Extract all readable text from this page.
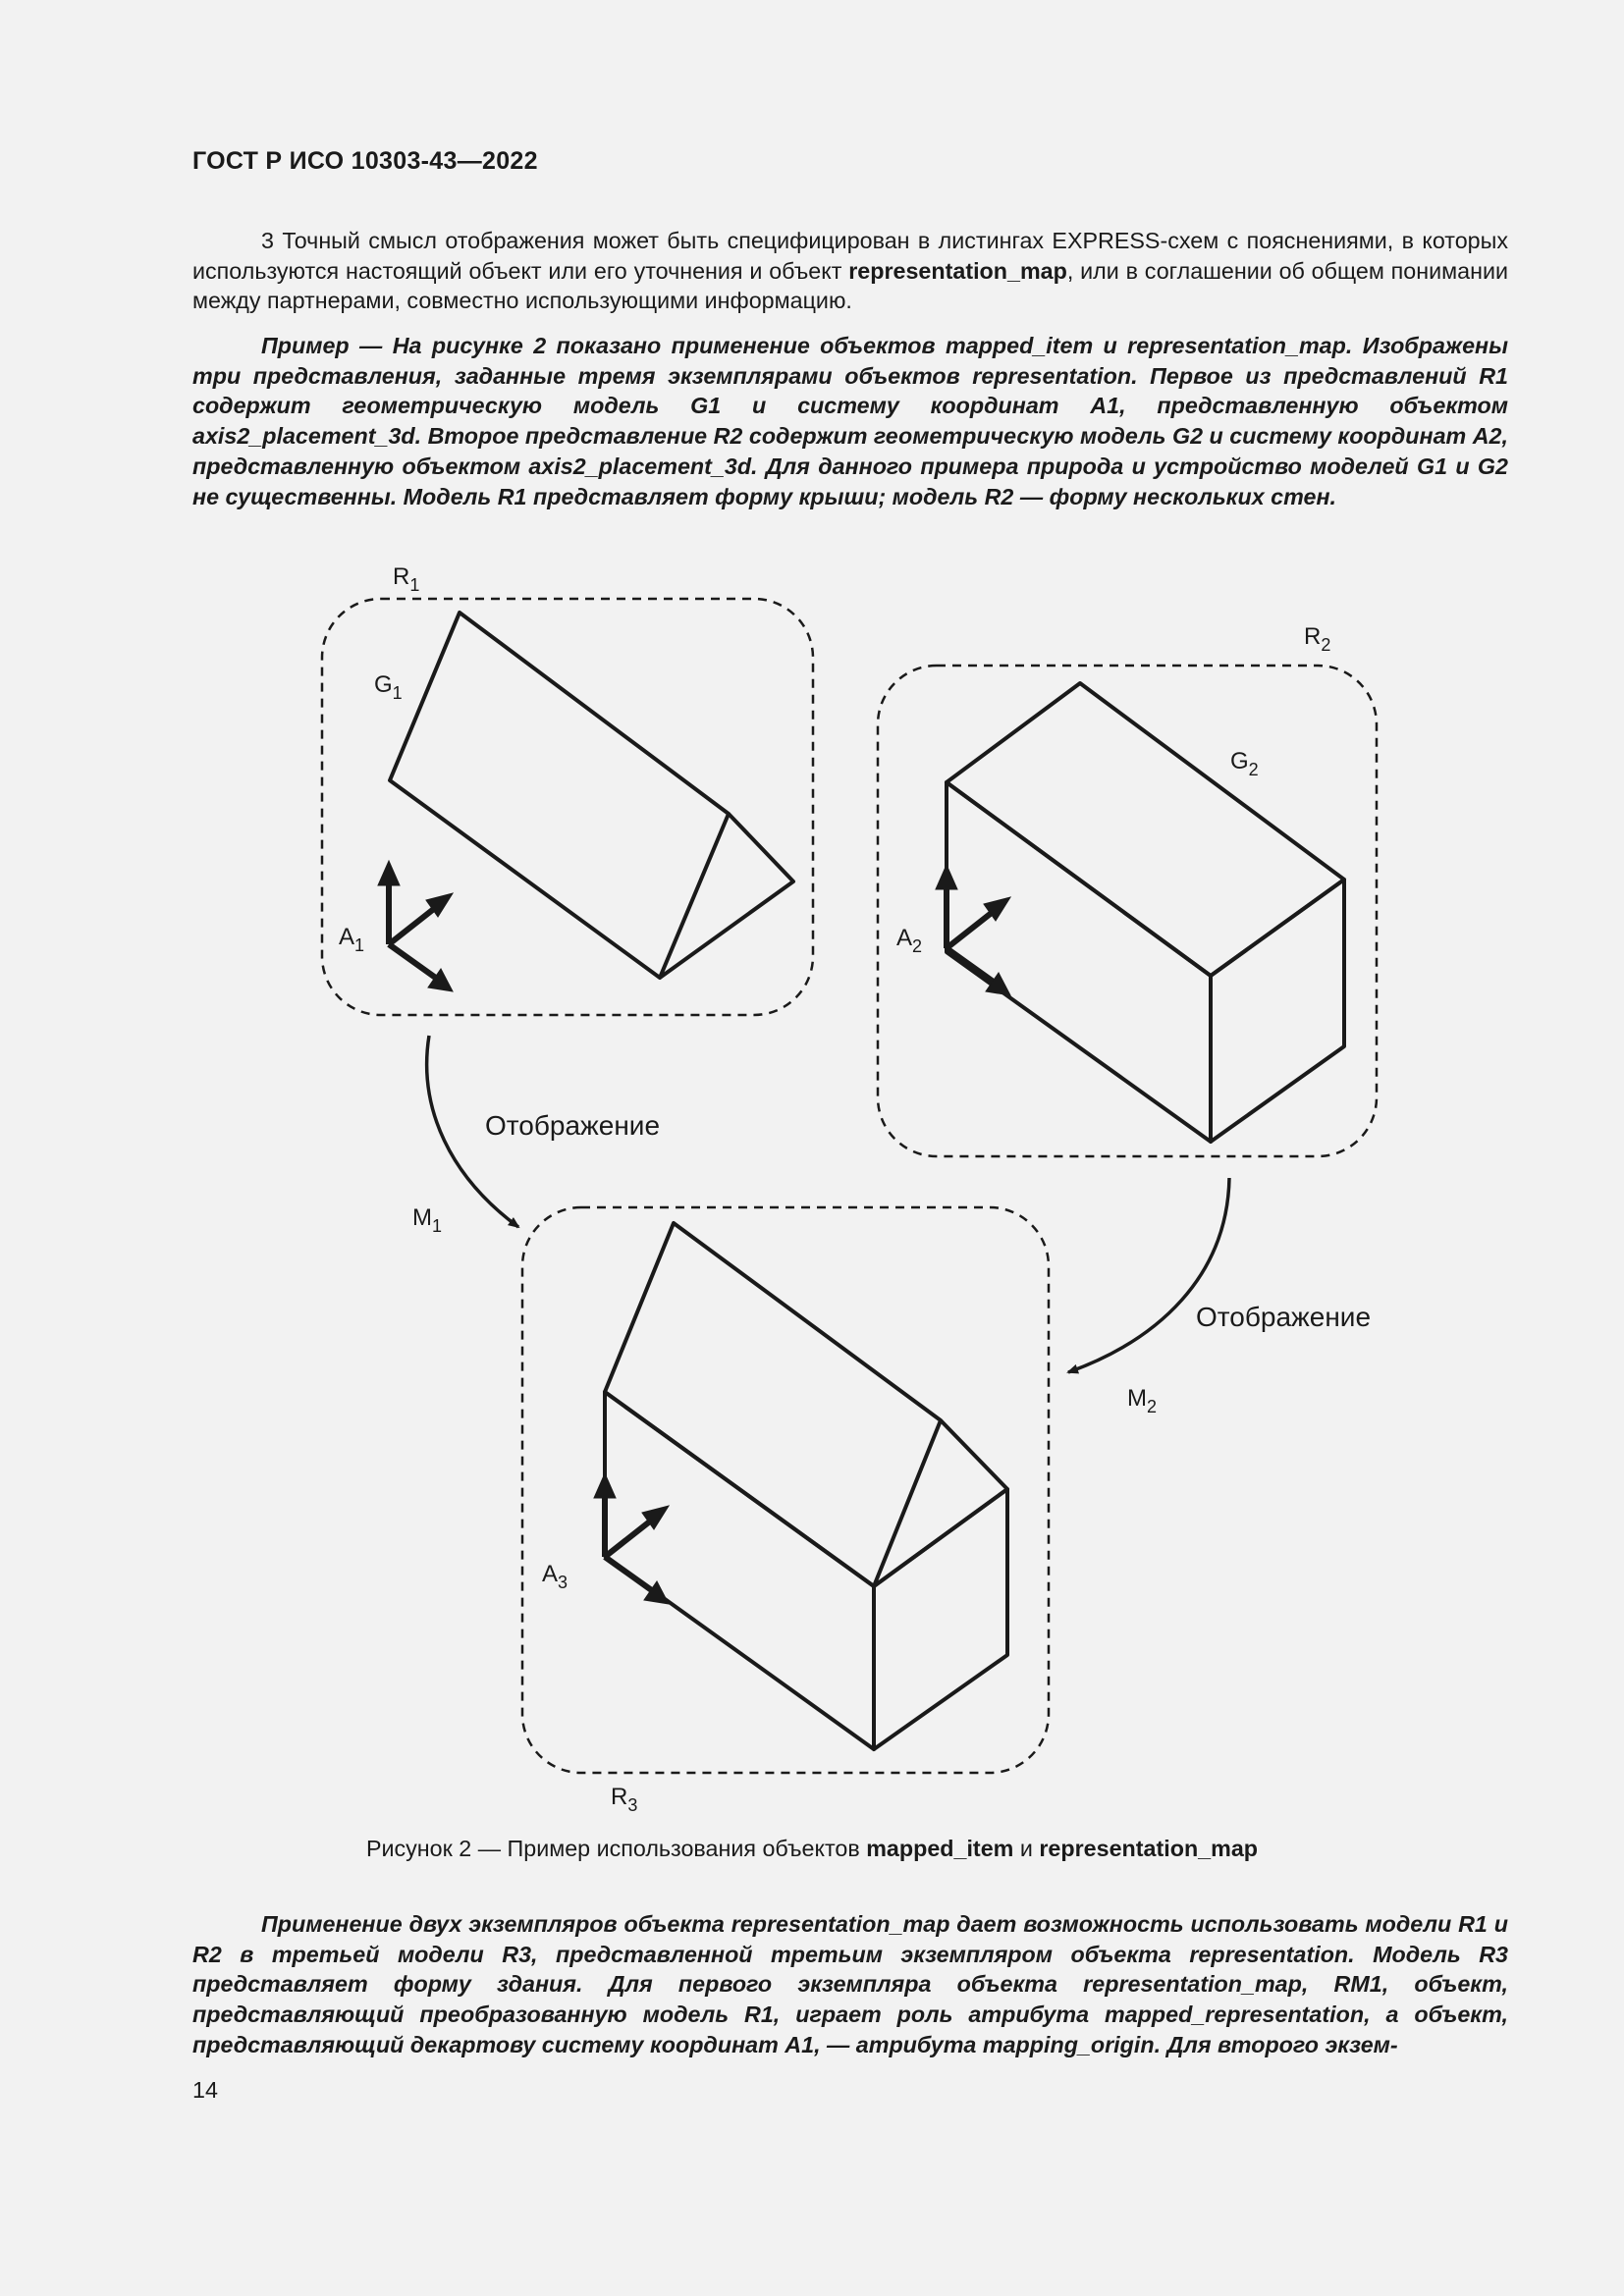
ГОСТ Р ИСО 10303-43—2022

3 Точный смысл отображения может быть специфицирован в листингах EXPRESS-схем с пояснениями, в которых используются настоящий объект или его уточнения и объект representation_map, или в соглашении об общем понимании между партнерами, совместно использующими информацию.

Пример — На рисунке 2 показано применение объектов mapped_item и representation_map. Изображены три представления, заданные тремя экземплярами объектов representation. Первое из представлений R1 содержит геометрическую модель G1 и систему координат A1, представленную объектом axis2_placement_3d. Второе представление R2 содержит геометрическую модель G2 и систему координат A2, представленную объектом axis2_placement_3d. Для данного примера природа и устройство моделей G1 и G2 не существенны. Модель R1 представляет форму крыши; модель R2 — форму нескольких стен.

$R_1$
$R_2$
$R_3$
$G_1$
$G_2$
$A_1$	$A_2$
$A_3$
$M_1$
$M_2$
Отображение
Отображение
Рисунок 2 — Пример использования объектов mapped_item и representation_map

Применение двух экземпляров объекта representation_map дает возможность использовать модели R1 и R2 в третьей модели R3, представленной третьим экземпляром объекта representation. Модель R3 представляет форму здания. Для первого экземпляра объекта representation_map, RM1, объект, представляющий преобразованную модель R1, играет роль атрибута mapped_representation, а объект, представляющий декартову систему координат A1, — атрибута mapping_origin. Для второго экзем-

14
